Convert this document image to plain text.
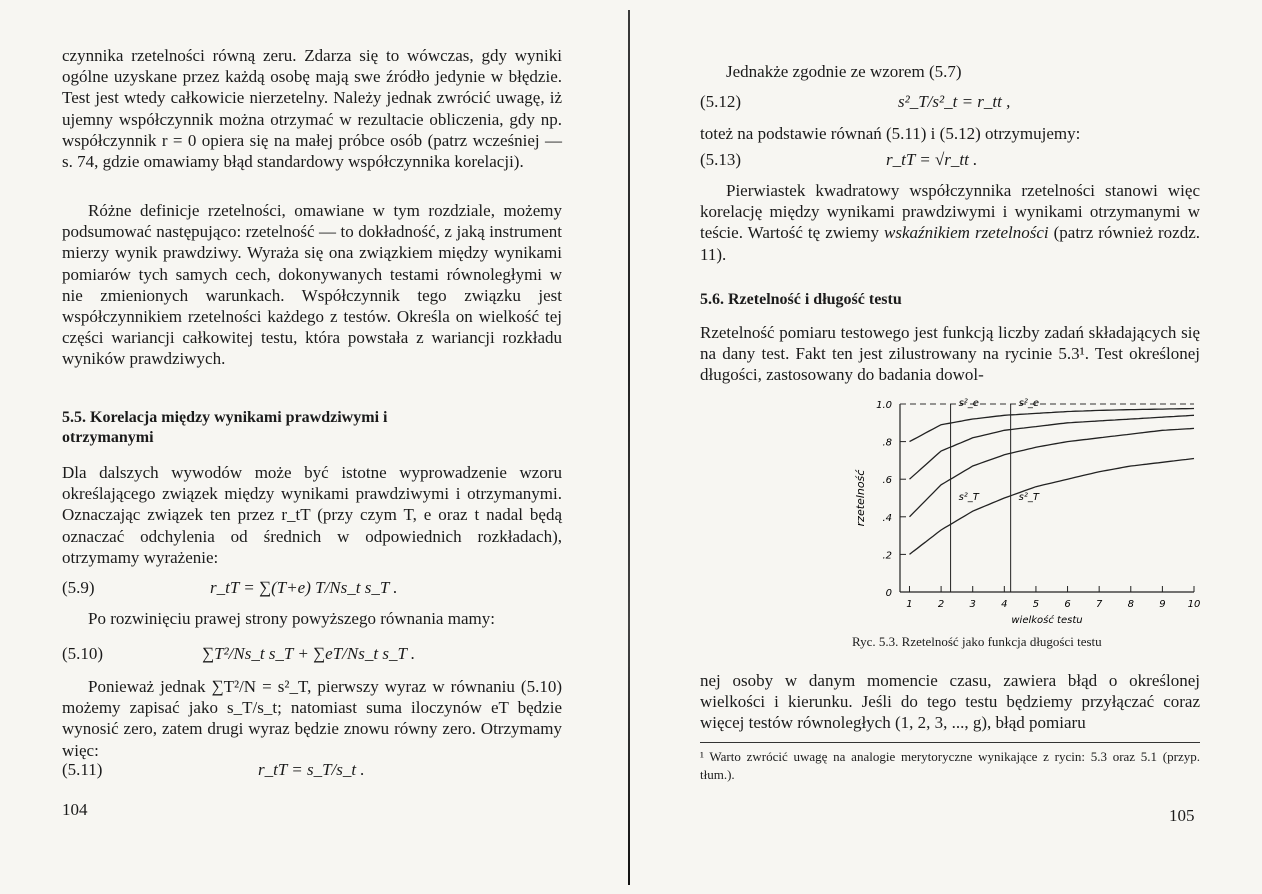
czynnika rzetelności równą zeru. Zdarza się to wówczas, gdy wyniki ogólne uzyskane przez każdą osobę mają swe źródło jedynie w błędzie. Test jest wtedy całkowicie nierzetelny. Należy jednak zwrócić uwagę, iż ujemny współczynnik można otrzymać w rezultacie obliczenia, gdy np. współczynnik r = 0 opiera się na małej próbce osób (patrz wcześniej — s. 74, gdzie omawiamy błąd standardowy współczynnika korelacji).
Różne definicje rzetelności, omawiane w tym rozdziale, możemy podsumować następująco: rzetelność — to dokładność, z jaką instrument mierzy wynik prawdziwy. Wyraża się ona związkiem między wynikami pomiarów tych samych cech, dokonywanych testami równoległymi w nie zmienionych warunkach. Współczynnik tego związku jest współczynnikiem rzetelności każdego z testów. Określa on wielkość tej części wariancji całkowitej testu, która powstała z wariancji rozkładu wyników prawdziwych.
5.5. Korelacja między wynikami prawdziwymi i otrzymanymi
Dla dalszych wywodów może być istotne wyprowadzenie wzoru określającego związek między wynikami prawdziwymi i otrzymanymi. Oznaczając związek ten przez r_tT (przy czym T, e oraz t nadal będą oznaczać odchylenia od średnich w odpowiednich rozkładach), otrzymamy wyrażenie:
(5.9)	r_tT = ∑(T+e) T/Ns_t s_T .
Po rozwinięciu prawej strony powyższego równania mamy:
(5.10)	∑T²/Ns_t s_T + ∑eT/Ns_t s_T .
Ponieważ jednak ∑T²/N = s²_T, pierwszy wyraz w równaniu (5.10) możemy zapisać jako s_T/s_t; natomiast suma iloczynów eT będzie wynosić zero, zatem drugi wyraz będzie znowu równy zero. Otrzymamy więc:
(5.11)	r_tT = s_T/s_t .
104
Jednakże zgodnie ze wzorem (5.7)
(5.12)	s²_T/s²_t = r_tt ,
toteż na podstawie równań (5.11) i (5.12) otrzymujemy:
(5.13)	r_tT = √r_tt .
Pierwiastek kwadratowy współczynnika rzetelności stanowi więc korelację między wynikami prawdziwymi i wynikami otrzymanymi w teście. Wartość tę zwiemy wskaźnikiem rzetelności (patrz również rozdz. 11).
5.6. Rzetelność i długość testu
Rzetelność pomiaru testowego jest funkcją liczby zadań składających się na dany test. Fakt ten jest zilustrowany na rycinie 5.3¹. Test określonej długości, zastosowany do badania dowol-
0
.2
.4
.6
.8
1.0
1	2	3	4	5	6	7	8	9 10
s²_e	s²_e
s²_T	s²_T
wielkość testu
rzetelność
Ryc. 5.3. Rzetelność jako funkcja długości testu
nej osoby w danym momencie czasu, zawiera błąd o określonej wielkości i kierunku. Jeśli do tego testu będziemy przyłączać coraz więcej testów równoległych (1, 2, 3, ..., g), błąd pomiaru
¹ Warto zwrócić uwagę na analogie merytoryczne wynikające z rycin: 5.3 oraz 5.1 (przyp. tłum.).
105
